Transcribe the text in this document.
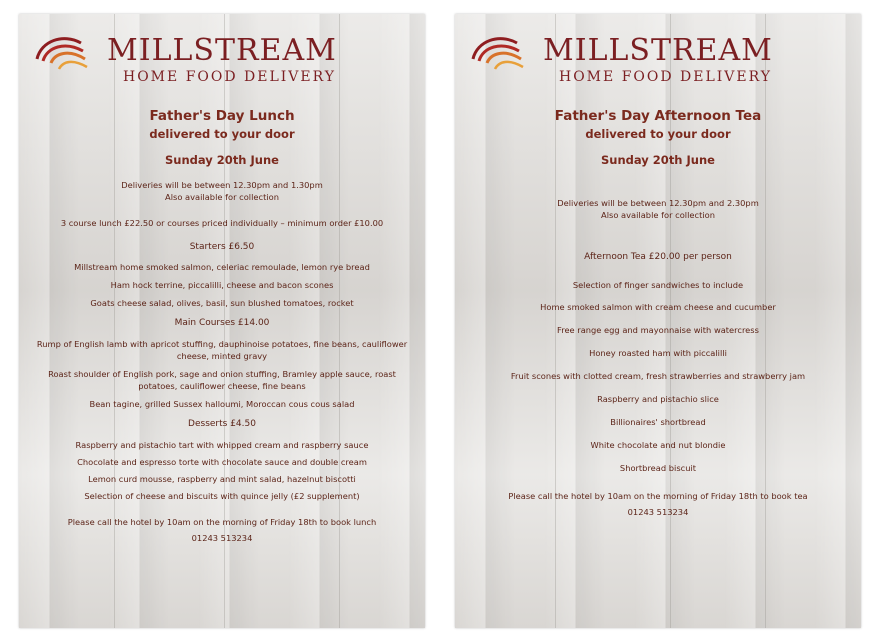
MILLSTREAM
HOME FOOD DELIVERY
Father's Day Lunch
delivered to your door
Sunday 20th June
Deliveries will be between 12.30pm and 1.30pm
Also available for collection
3 course lunch £22.50 or courses priced individually – minimum order £10.00
Starters £6.50
Millstream home smoked salmon, celeriac remoulade, lemon rye bread
Ham hock terrine, piccalilli, cheese and bacon scones
Goats cheese salad, olives, basil, sun blushed tomatoes, rocket
Main Courses £14.00
Rump of English lamb with apricot stuffing, dauphinoise potatoes, fine beans, cauliflower cheese, minted gravy
Roast shoulder of English pork, sage and onion stuffing, Bramley apple sauce, roast potatoes, cauliflower cheese, fine beans
Bean tagine, grilled Sussex halloumi, Moroccan cous cous salad
Desserts £4.50
Raspberry and pistachio tart with whipped cream and raspberry sauce
Chocolate and espresso torte with chocolate sauce and double cream
Lemon curd mousse, raspberry and mint salad, hazelnut biscotti
Selection of cheese and biscuits with quince jelly (£2 supplement)
Please call the hotel by 10am on the morning of Friday 18th to book lunch
01243 513234
MILLSTREAM
HOME FOOD DELIVERY
Father's Day Afternoon Tea
delivered to your door
Sunday 20th June
Deliveries will be between 12.30pm and 2.30pm
Also available for collection
Afternoon Tea £20.00 per person
Selection of finger sandwiches to include
Home smoked salmon with cream cheese and cucumber
Free range egg and mayonnaise with watercress
Honey roasted ham with piccalilli
Fruit scones with clotted cream, fresh strawberries and strawberry jam
Raspberry and pistachio slice
Billionaires' shortbread
White chocolate and nut blondie
Shortbread biscuit
Please call the hotel by 10am on the morning of Friday 18th to book tea
01243 513234
